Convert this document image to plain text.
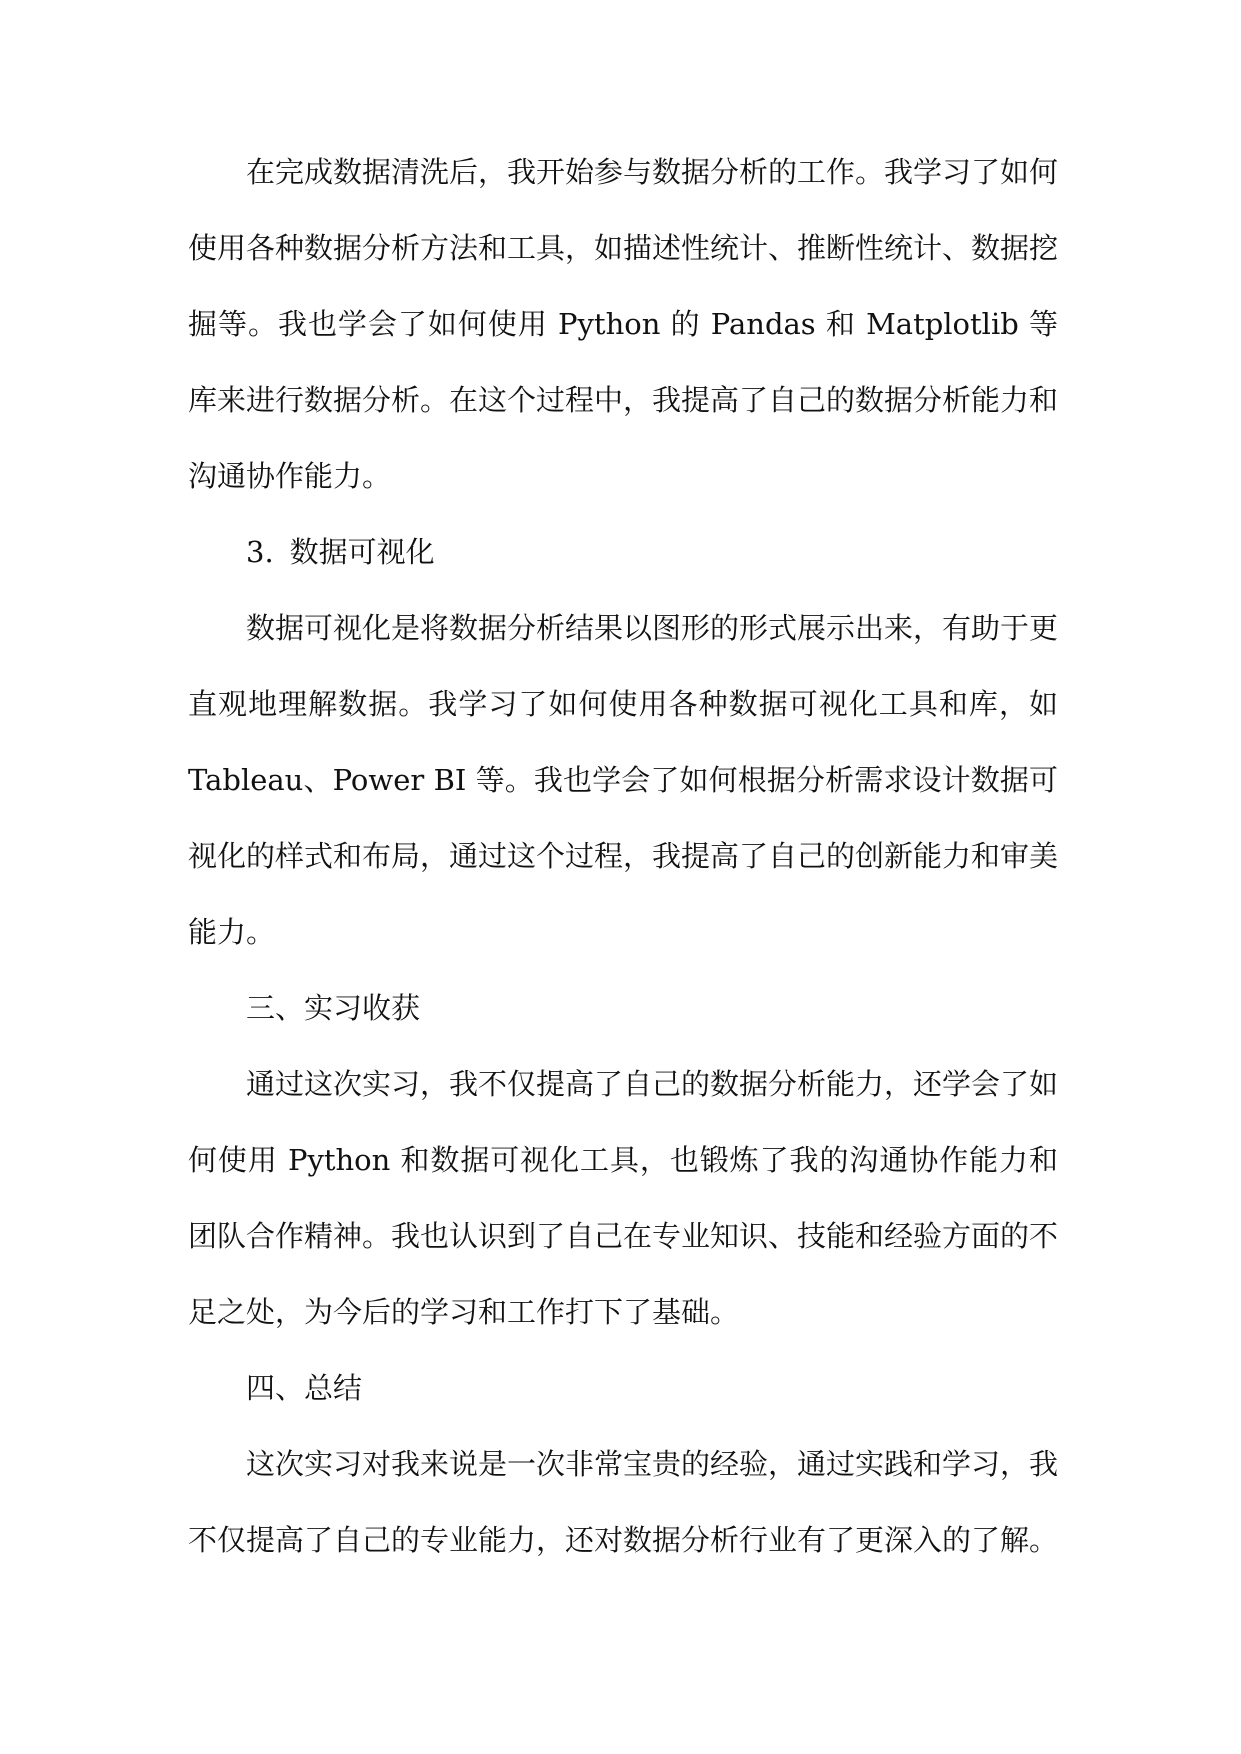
在完成数据清洗后，我开始参与数据分析的工作。我学习了如何使用各种数据分析方法和工具，如描述性统计、推断性统计、数据挖掘等。我也学会了如何使用 Python 的 Pandas 和 Matplotlib 等库来进行数据分析。在这个过程中，我提高了自己的数据分析能力和沟通协作能力。

3. 数据可视化

数据可视化是将数据分析结果以图形的形式展示出来，有助于更直观地理解数据。我学习了如何使用各种数据可视化工具和库，如 Tableau、Power BI 等。我也学会了如何根据分析需求设计数据可视化的样式和布局，通过这个过程，我提高了自己的创新能力和审美能力。

三、实习收获

通过这次实习，我不仅提高了自己的数据分析能力，还学会了如何使用 Python 和数据可视化工具，也锻炼了我的沟通协作能力和团队合作精神。我也认识到了自己在专业知识、技能和经验方面的不足之处，为今后的学习和工作打下了基础。

四、总结

这次实习对我来说是一次非常宝贵的经验，通过实践和学习，我不仅提高了自己的专业能力，还对数据分析行业有了更深入的了解。
